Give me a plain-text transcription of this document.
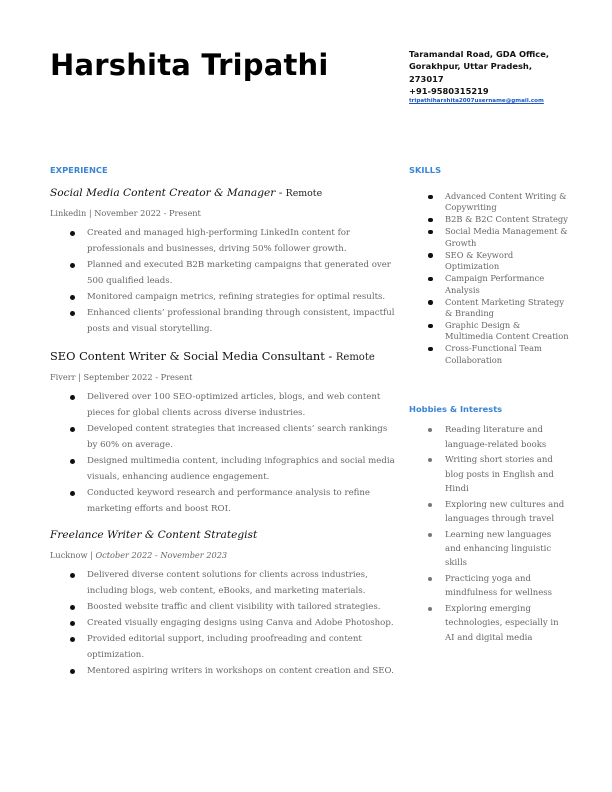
Harshita Tripathi	Taramandal Road, GDA Office,
Gorakhpur, Uttar Pradesh,
273017
+91-9580315219
tripathiharshita2007username@gmail.com
EXPERIENCE
Social Media Content Creator & Manager - Remote
Linkedin | November 2022 - Present
Created and managed high-performing LinkedIn content for professionals and businesses, driving 50% follower growth.
Planned and executed B2B marketing campaigns that generated over 500 qualified leads.
Monitored campaign metrics, refining strategies for optimal results.
Enhanced clients’ professional branding through consistent, impactful posts and visual storytelling.
SEO Content Writer & Social Media Consultant - Remote
Fiverr | September 2022 - Present
Delivered over 100 SEO-optimized articles, blogs, and web content pieces for global clients across diverse industries.
Developed content strategies that increased clients’ search rankings by 60% on average.
Designed multimedia content, including infographics and social media visuals, enhancing audience engagement.
Conducted keyword research and performance analysis to refine marketing efforts and boost ROI.
Freelance Writer & Content Strategist
Lucknow | October 2022 - November 2023
Delivered diverse content solutions for clients across industries, including blogs, web content, eBooks, and marketing materials.
Boosted website traffic and client visibility with tailored strategies.
Created visually engaging designs using Canva and Adobe Photoshop.
Provided editorial support, including proofreading and content optimization.
Mentored aspiring writers in workshops on content creation and SEO.
SKILLS
Advanced Content Writing & Copywriting
B2B & B2C Content Strategy
Social Media Management & Growth
SEO & Keyword Optimization
Campaign Performance Analysis
Content Marketing Strategy & Branding
Graphic Design & Multimedia Content Creation
Cross-Functional Team Collaboration
Hobbies & Interests
Reading literature and language-related books
Writing short stories and blog posts in English and Hindi
Exploring new cultures and languages through travel
Learning new languages and enhancing linguistic skills
Practicing yoga and mindfulness for wellness
Exploring emerging technologies, especially in AI and digital media
